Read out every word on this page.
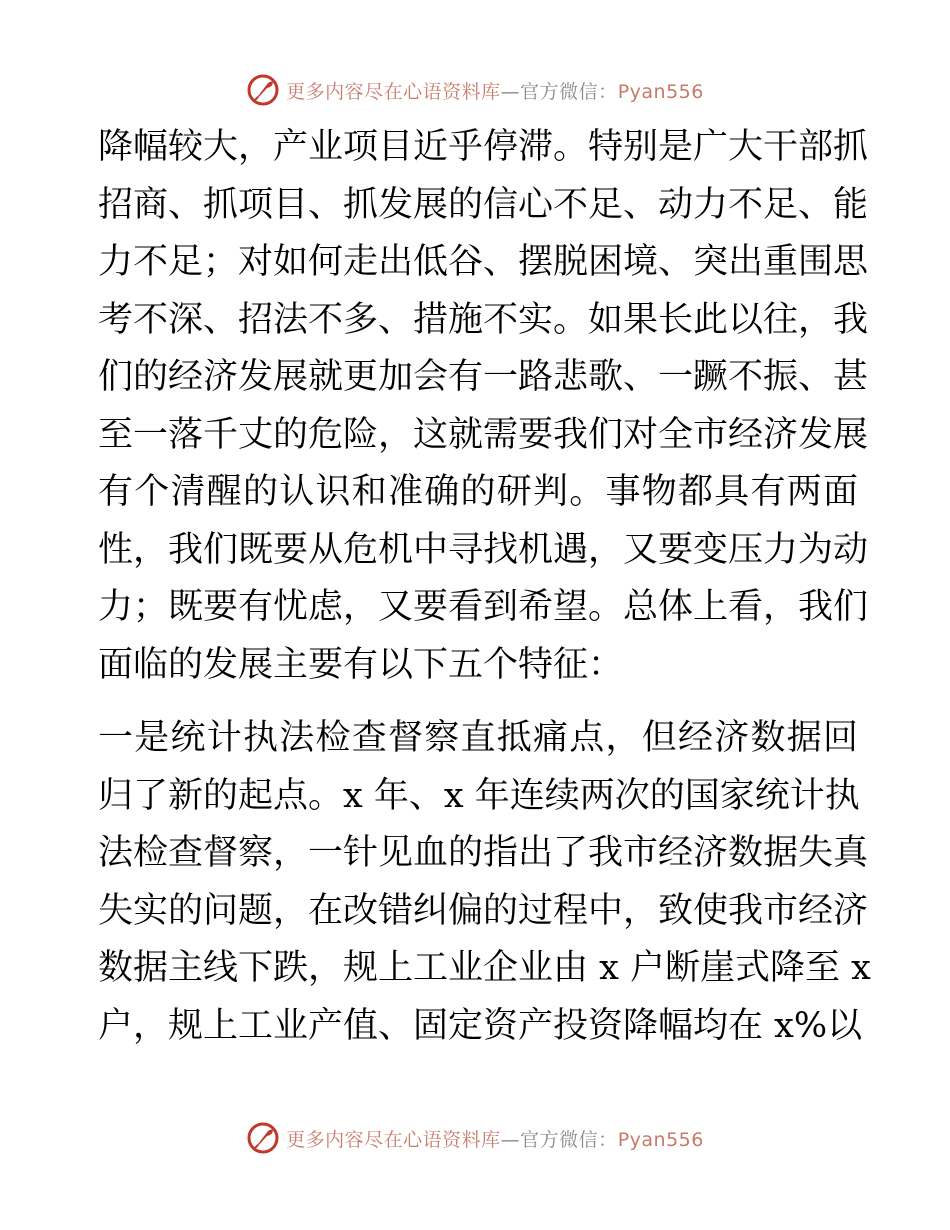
更多内容尽在心语资料库—官方微信：Pyan556
降幅较大，产业项目近乎停滞。特别是广大干部抓
招商、抓项目、抓发展的信心不足、动力不足、能
力不足；对如何走出低谷、摆脱困境、突出重围思
考不深、招法不多、措施不实。如果长此以往，我
们的经济发展就更加会有一路悲歌、一蹶不振、甚
至一落千丈的危险，这就需要我们对全市经济发展
有个清醒的认识和准确的研判。事物都具有两面
性，我们既要从危机中寻找机遇，又要变压力为动
力；既要有忧虑，又要看到希望。总体上看，我们
面临的发展主要有以下五个特征：
一是统计执法检查督察直抵痛点，但经济数据回
归了新的起点。x 年、x 年连续两次的国家统计执
法检查督察，一针见血的指出了我市经济数据失真
失实的问题，在改错纠偏的过程中，致使我市经济
数据主线下跌，规上工业企业由 x 户断崖式降至 x
户，规上工业产值、固定资产投资降幅均在 x%以
更多内容尽在心语资料库—官方微信：Pyan556
